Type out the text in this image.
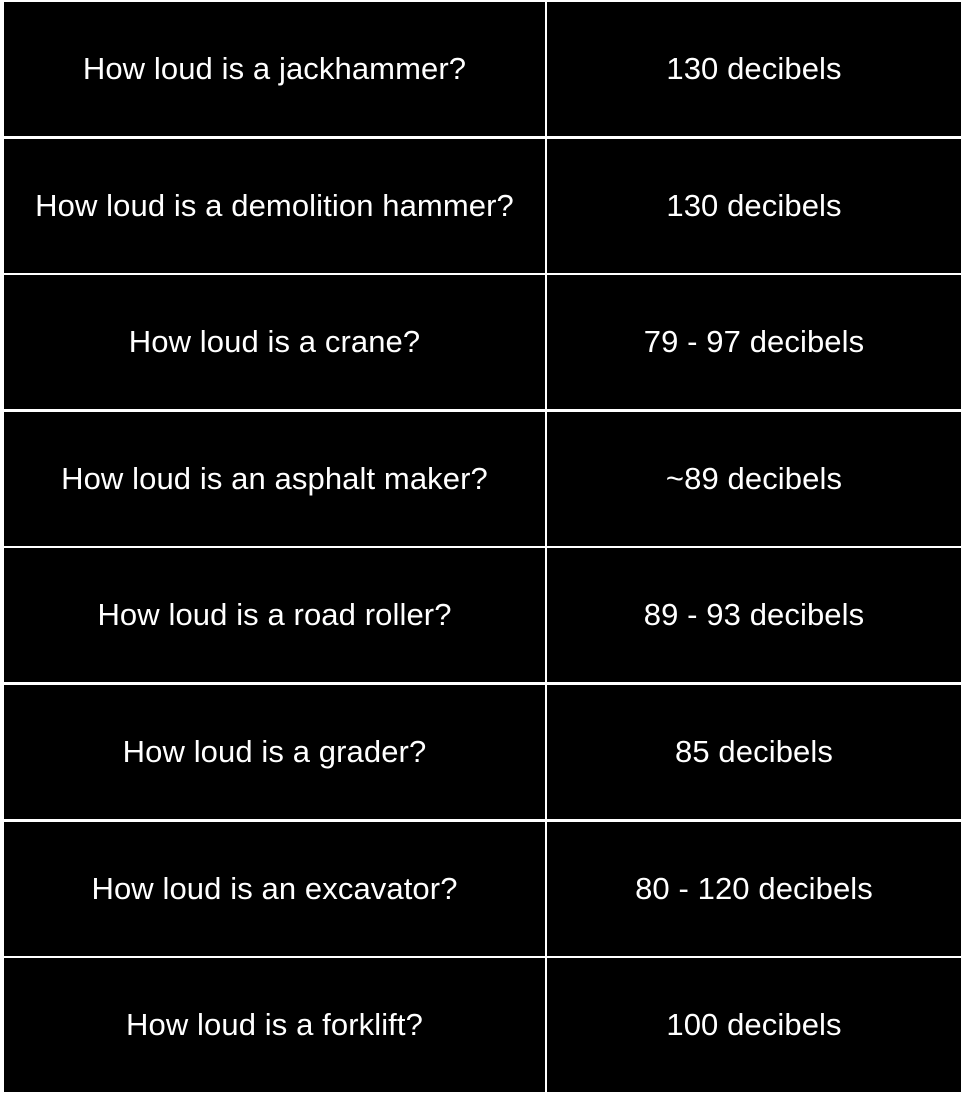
How loud is a jackhammer?	130 decibels
How loud is a demolition hammer?	130 decibels
How loud is a crane?	79 - 97 decibels
How loud is an asphalt maker?	~89 decibels
How loud is a road roller?	89 - 93 decibels
How loud is a grader?	85 decibels
How loud is an excavator?	80 - 120 decibels
How loud is a forklift?	100 decibels
